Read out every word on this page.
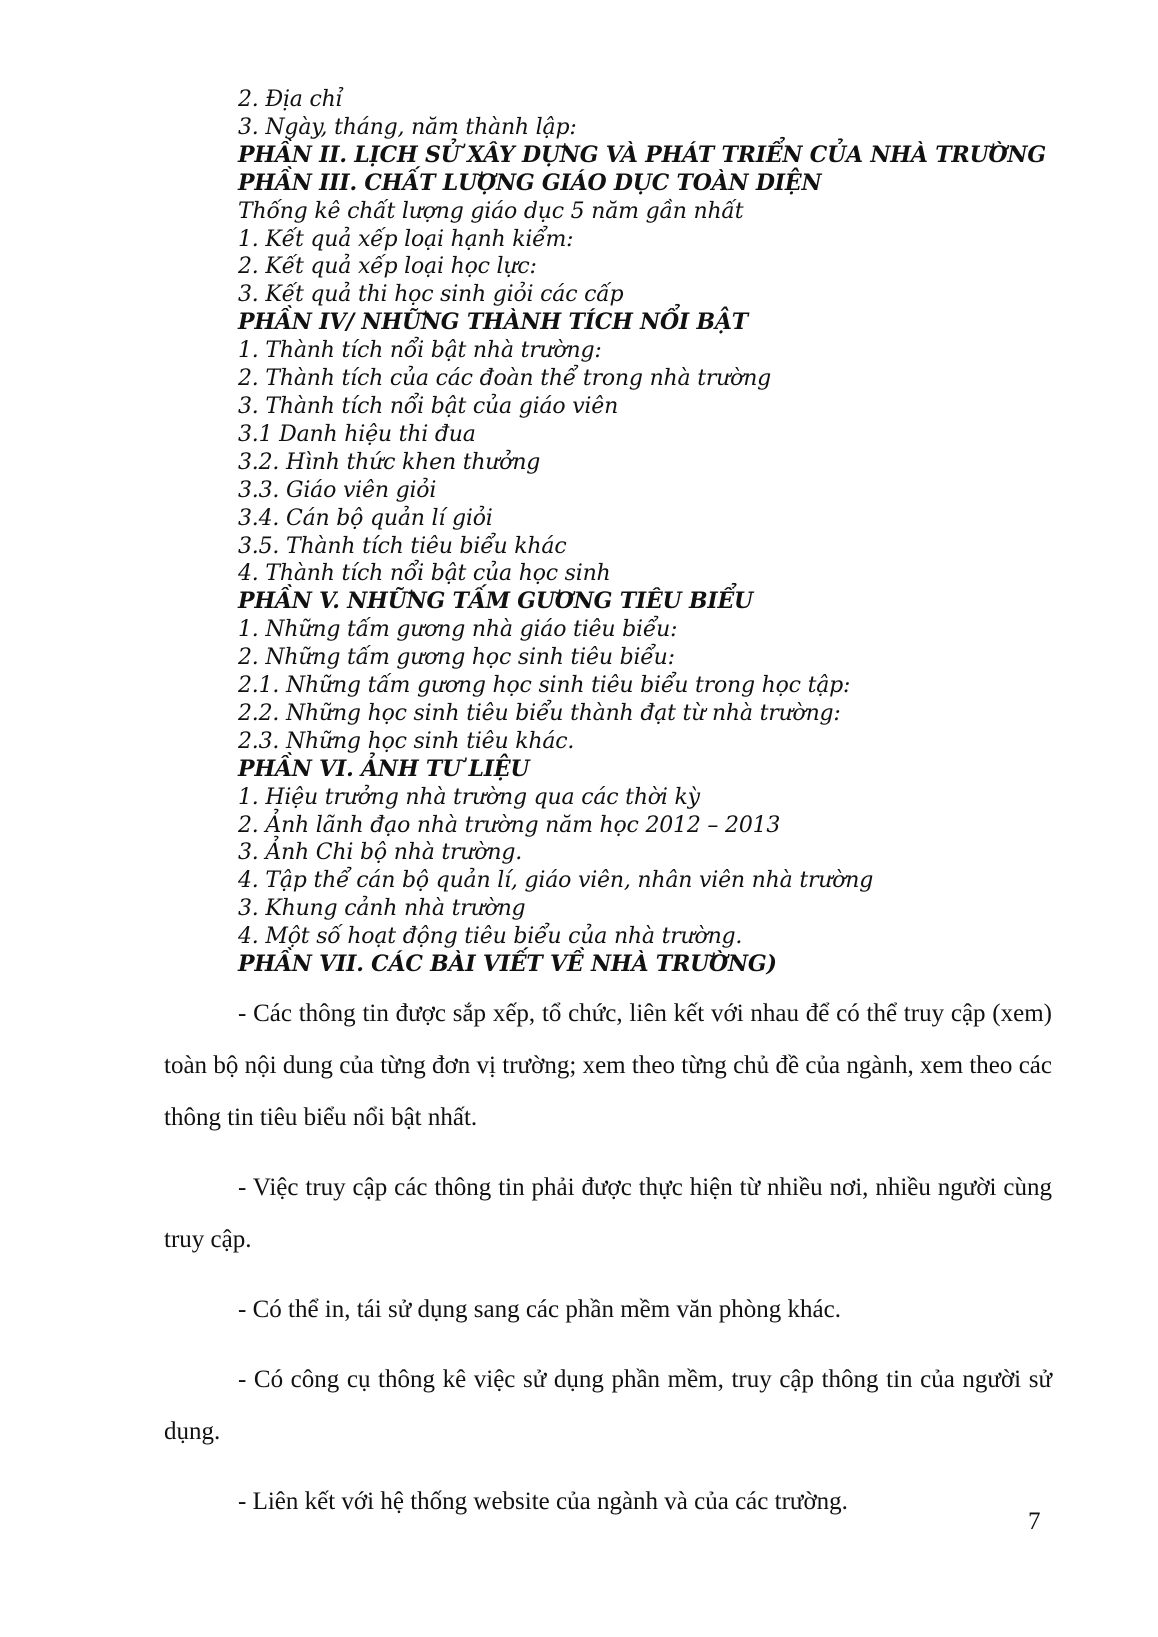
2. Địa chỉ
3. Ngày, tháng, năm thành lập:
PHẦN II. LỊCH SỬ XÂY DỰNG VÀ PHÁT TRIỂN CỦA NHÀ TRƯỜNG
PHẦN III. CHẤT LƯỢNG GIÁO DỤC TOÀN DIỆN
Thống kê chất lượng giáo dục 5 năm gần nhất
1. Kết quả xếp loại hạnh kiểm:
2. Kết quả xếp loại học lực:
3. Kết quả thi học sinh giỏi các cấp
PHẦN IV/ NHỮNG THÀNH TÍCH NỔI BẬT
1. Thành tích nổi bật nhà trường:
2. Thành tích của các đoàn thể trong nhà trường
3. Thành tích nổi bật của giáo viên
3.1 Danh hiệu thi đua
3.2. Hình thức khen thưởng
3.3. Giáo viên giỏi
3.4. Cán bộ quản lí giỏi
3.5. Thành tích tiêu biểu khác
4. Thành tích nổi bật của học sinh
PHẦN V. NHỮNG TẤM GƯƠNG TIÊU BIỂU
1. Những tấm gương nhà giáo tiêu biểu:
2. Những tấm gương học sinh tiêu biểu:
2.1. Những tấm gương học sinh tiêu biểu trong học tập:
2.2. Những học sinh tiêu biểu thành đạt từ nhà trường:
2.3. Những học sinh tiêu khác.
PHẦN VI. ẢNH TƯ LIỆU
1. Hiệu trưởng nhà trường qua các thời kỳ
2. Ảnh lãnh đạo nhà trường năm học 2012 – 2013
3. Ảnh Chi bộ nhà trường.
4. Tập thể cán bộ quản lí, giáo viên, nhân viên nhà trường
3. Khung cảnh nhà trường
4. Một số hoạt động tiêu biểu của nhà trường.
PHẦN VII. CÁC BÀI VIẾT VỀ NHÀ TRƯỜNG)

- Các thông tin được sắp xếp, tổ chức, liên kết với nhau để có thể truy cập (xem) toàn bộ nội dung của từng đơn vị trường; xem theo từng chủ đề của ngành, xem theo các thông tin tiêu biểu nổi bật nhất.

- Việc truy cập các thông tin phải được thực hiện từ nhiều nơi, nhiều người cùng truy cập.

- Có thể in, tái sử dụng sang các phần mềm văn phòng khác.

- Có công cụ thông kê việc sử dụng phần mềm, truy cập thông tin của người sử dụng.

- Liên kết với hệ thống website của ngành và của các trường.

7
